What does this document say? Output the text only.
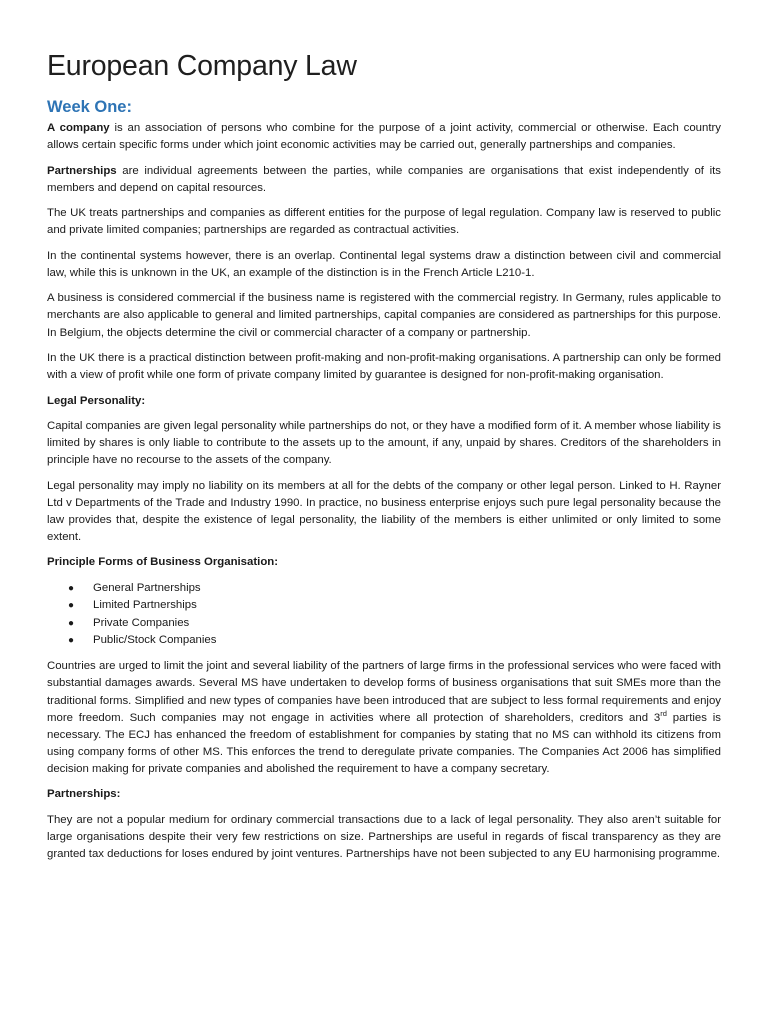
European Company Law
Week One:

A company is an association of persons who combine for the purpose of a joint activity, commercial or otherwise. Each country allows certain specific forms under which joint economic activities may be carried out, generally partnerships and companies.

Partnerships are individual agreements between the parties, while companies are organisations that exist independently of its members and depend on capital resources.

The UK treats partnerships and companies as different entities for the purpose of legal regulation. Company law is reserved to public and private limited companies; partnerships are regarded as contractual activities.

In the continental systems however, there is an overlap. Continental legal systems draw a distinction between civil and commercial law, while this is unknown in the UK, an example of the distinction is in the French Article L210-1.

A business is considered commercial if the business name is registered with the commercial registry. In Germany, rules applicable to merchants are also applicable to general and limited partnerships, capital companies are considered as partnerships for this purpose. In Belgium, the objects determine the civil or commercial character of a company or partnership.

In the UK there is a practical distinction between profit-making and non-profit-making organisations. A partnership can only be formed with a view of profit while one form of private company limited by guarantee is designed for non-profit-making organisation.

Legal Personality:

Capital companies are given legal personality while partnerships do not, or they have a modified form of it. A member whose liability is limited by shares is only liable to contribute to the assets up to the amount, if any, unpaid by shares. Creditors of the shareholders in principle have no recourse to the assets of the company.

Legal personality may imply no liability on its members at all for the debts of the company or other legal person. Linked to H. Rayner Ltd v Departments of the Trade and Industry 1990. In practice, no business enterprise enjoys such pure legal personality because the law provides that, despite the existence of legal personality, the liability of the members is either unlimited or only limited to some extent.

Principle Forms of Business Organisation:

● General Partnerships
● Limited Partnerships
● Private Companies
● Public/Stock Companies

Countries are urged to limit the joint and several liability of the partners of large firms in the professional services who were faced with substantial damages awards. Several MS have undertaken to develop forms of business organisations that suit SMEs more than the traditional forms. Simplified and new types of companies have been introduced that are subject to less formal requirements and enjoy more freedom. Such companies may not engage in activities where all protection of shareholders, creditors and 3rd parties is necessary. The ECJ has enhanced the freedom of establishment for companies by stating that no MS can withhold its citizens from using company forms of other MS. This enforces the trend to deregulate private companies. The Companies Act 2006 has simplified decision making for private companies and abolished the requirement to have a company secretary.

Partnerships:

They are not a popular medium for ordinary commercial transactions due to a lack of legal personality. They also aren’t suitable for large organisations despite their very few restrictions on size. Partnerships are useful in regards of fiscal transparency as they are granted tax deductions for loses endured by joint ventures. Partnerships have not been subjected to any EU harmonising programme.
